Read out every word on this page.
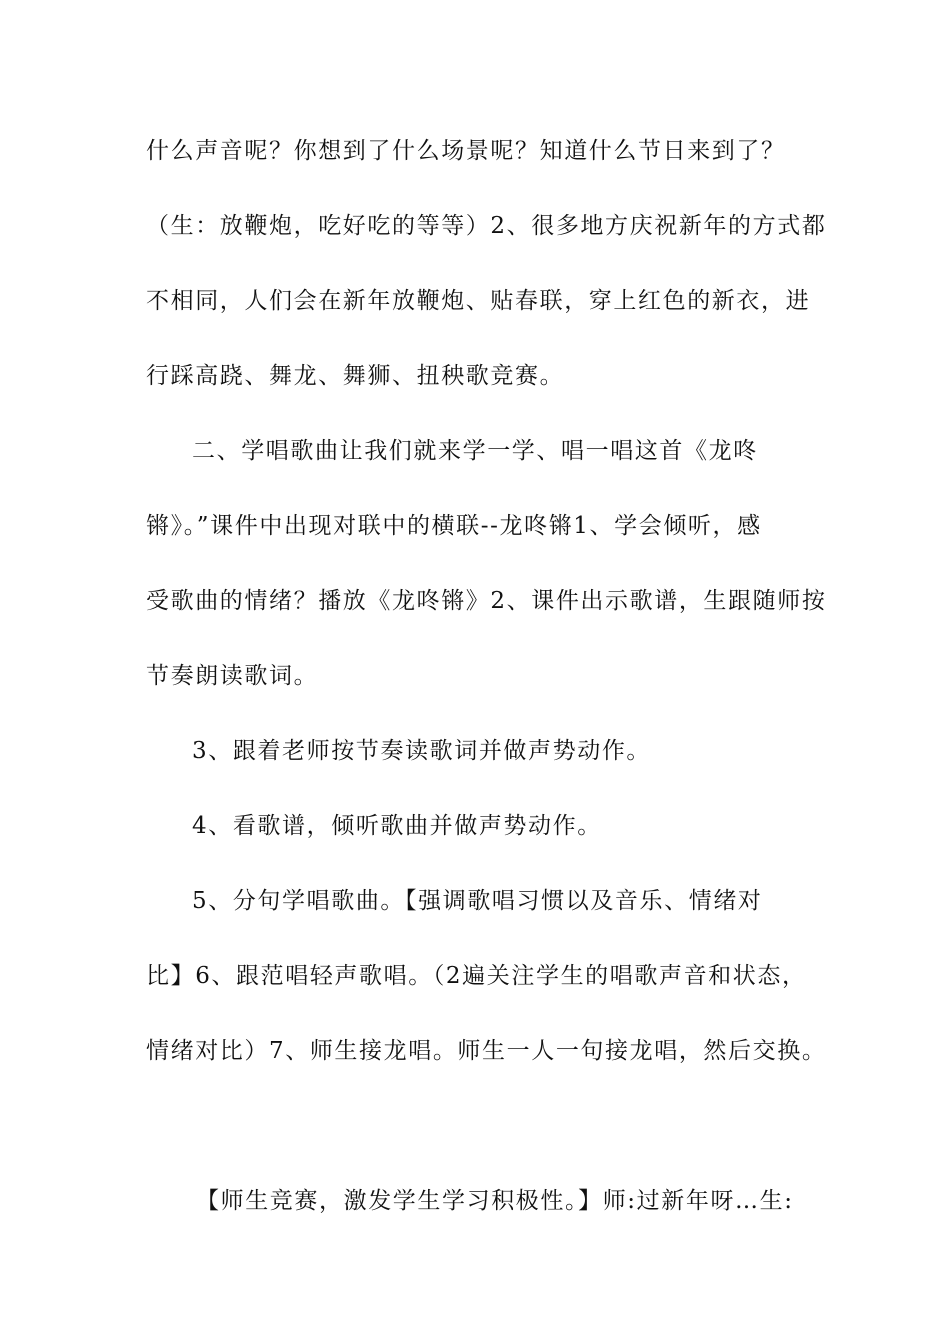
什么声音呢？你想到了什么场景呢？知道什么节日来到了？
（生：放鞭炮，吃好吃的等等）2、很多地方庆祝新年的方式都
不相同，人们会在新年放鞭炮、贴春联，穿上红色的新衣，进
行踩高跷、舞龙、舞狮、扭秧歌竞赛。
二、学唱歌曲让我们就来学一学、唱一唱这首《龙咚
锵》。”课件中出现对联中的横联--龙咚锵1、学会倾听，感
受歌曲的情绪？播放《龙咚锵》2、课件出示歌谱，生跟随师按
节奏朗读歌词。
3、跟着老师按节奏读歌词并做声势动作。
4、看歌谱，倾听歌曲并做声势动作。
5、分句学唱歌曲。【强调歌唱习惯以及音乐、情绪对
比】6、跟范唱轻声歌唱。（2遍关注学生的唱歌声音和状态，
情绪对比）7、师生接龙唱。师生一人一句接龙唱，然后交换。
【师生竞赛，激发学生学习积极性。】师:过新年呀…生:
